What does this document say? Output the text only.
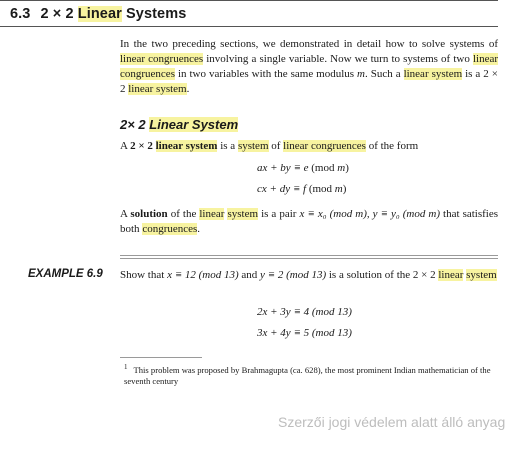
6.3 2 × 2 Linear Systems
In the two preceding sections, we demonstrated in detail how to solve systems of linear congruences involving a single variable. Now we turn to systems of two linear congruences in two variables with the same modulus m. Such a linear system is a 2 × 2 linear system.
2× 2 Linear System
A 2 × 2 linear system is a system of linear congruences of the form
ax + by ≡ e (mod m)
cx + dy ≡ f (mod m)
A solution of the linear system is a pair x ≡ x₀ (mod m), y ≡ y₀ (mod m) that satisfies both congruences.
EXAMPLE 6.9 Show that x ≡ 12 (mod 13) and y ≡ 2 (mod 13) is a solution of the 2 × 2 linear system
2x + 3y ≡ 4 (mod 13)
3x + 4y ≡ 5 (mod 13)
$^1$ This problem was proposed by Brahmagupta (ca. 628), the most prominent Indian mathematician of the seventh century
Szerzői jogi védelem alatt álló anyag
